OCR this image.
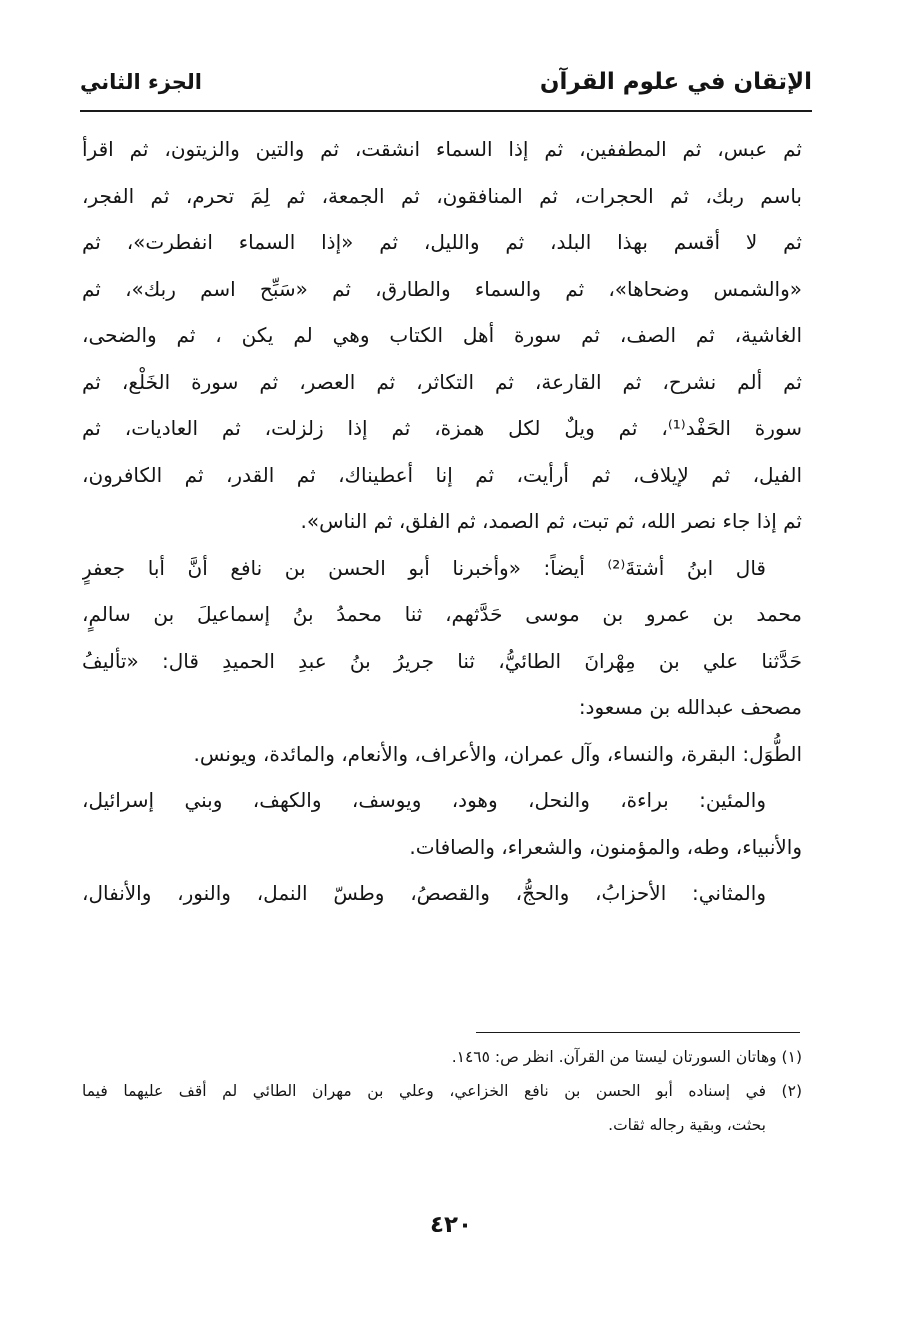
الإتقان في علوم القرآن
الجزء الثاني
ثم عبس، ثم المطففين، ثم إذا السماء انشقت، ثم والتين والزيتون، ثم اقرأ
باسم ربك، ثم الحجرات، ثم المنافقون، ثم الجمعة، ثم لِمَ تحرم، ثم الفجر،
ثم لا أقسم بهذا البلد، ثم والليل، ثم «إذا السماء انفطرت»، ثم
«والشمس وضحاها»، ثم والسماء والطارق، ثم «سَبِّح اسم ربك»، ثم
الغاشية، ثم الصف، ثم سورة أهل الكتاب وهي لم يكن ، ثم والضحى،
ثم ألم نشرح، ثم القارعة، ثم التكاثر، ثم العصر، ثم سورة الخَلْع، ثم
سورة الحَفْد⁽¹⁾، ثم ويلٌ لكل همزة، ثم إذا زلزلت، ثم العاديات، ثم
الفيل، ثم لإيلاف، ثم أرأيت، ثم إنا أعطيناك، ثم القدر، ثم الكافرون،
ثم إذا جاء نصر الله، ثم تبت، ثم الصمد، ثم الفلق، ثم الناس».
قال ابنُ أشتةَ⁽²⁾ أيضاً: «وأخبرنا أبو الحسن بن نافع أنَّ أبا جعفرٍ
محمد بن عمرو بن موسى حَدَّثهم، ثنا محمدُ بنُ إسماعيلَ بن سالمٍ،
حَدَّثنا علي بن مِهْرانَ الطائيُّ، ثنا جريرُ بنُ عبدِ الحميدِ قال: «تأليفُ
مصحف عبدالله بن مسعود:
الطُّوَل: البقرة، والنساء، وآل عمران، والأعراف، والأنعام، والمائدة، ويونس.
والمئين: براءة، والنحل، وهود، ويوسف، والكهف، وبني إسرائيل،
والأنبياء، وطه، والمؤمنون، والشعراء، والصافات.
والمثاني: الأحزابُ، والحجُّ، والقصصُ، وطسّ النمل، والنور، والأنفال،
(١) وهاتان السورتان ليستا من القرآن. انظر ص: ١٤٦٥.
(٢) في إسناده أبو الحسن بن نافع الخزاعي، وعلي بن مهران الطائي لم أقف عليهما فيما
بحثت، وبقية رجاله ثقات.
٤٢٠
